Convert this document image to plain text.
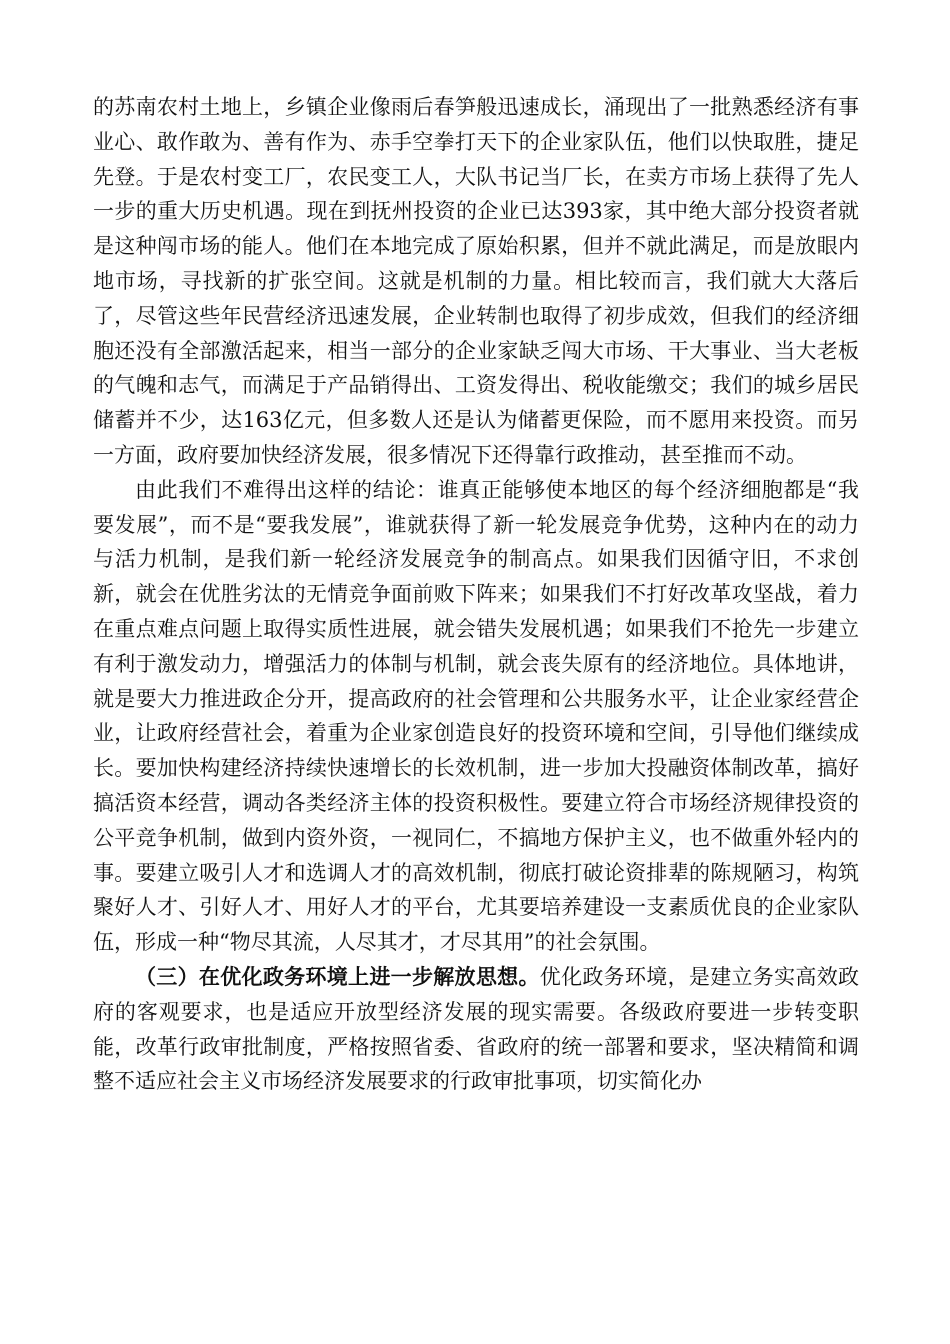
的苏南农村土地上，乡镇企业像雨后春笋般迅速成长，涌现出了一批熟悉经济有事业心、敢作敢为、善有作为、赤手空拳打天下的企业家队伍，他们以快取胜，捷足先登。于是农村变工厂，农民变工人，大队书记当厂长，在卖方市场上获得了先人一步的重大历史机遇。现在到抚州投资的企业已达393家，其中绝大部分投资者就是这种闯市场的能人。他们在本地完成了原始积累，但并不就此满足，而是放眼内地市场，寻找新的扩张空间。这就是机制的力量。相比较而言，我们就大大落后了，尽管这些年民营经济迅速发展，企业转制也取得了初步成效，但我们的经济细胞还没有全部激活起来，相当一部分的企业家缺乏闯大市场、干大事业、当大老板的气魄和志气，而满足于产品销得出、工资发得出、税收能缴交；我们的城乡居民储蓄并不少，达163亿元，但多数人还是认为储蓄更保险，而不愿用来投资。而另一方面，政府要加快经济发展，很多情况下还得靠行政推动，甚至推而不动。

由此我们不难得出这样的结论：谁真正能够使本地区的每个经济细胞都是“我要发展”，而不是“要我发展”，谁就获得了新一轮发展竞争优势，这种内在的动力与活力机制，是我们新一轮经济发展竞争的制高点。如果我们因循守旧，不求创新，就会在优胜劣汰的无情竞争面前败下阵来；如果我们不打好改革攻坚战，着力在重点难点问题上取得实质性进展，就会错失发展机遇；如果我们不抢先一步建立有利于激发动力，增强活力的体制与机制，就会丧失原有的经济地位。具体地讲，就是要大力推进政企分开，提高政府的社会管理和公共服务水平，让企业家经营企业，让政府经营社会，着重为企业家创造良好的投资环境和空间，引导他们继续成长。要加快构建经济持续快速增长的长效机制，进一步加大投融资体制改革，搞好搞活资本经营，调动各类经济主体的投资积极性。要建立符合市场经济规律投资的公平竞争机制，做到内资外资，一视同仁，不搞地方保护主义，也不做重外轻内的事。要建立吸引人才和选调人才的高效机制，彻底打破论资排辈的陈规陋习，构筑聚好人才、引好人才、用好人才的平台，尤其要培养建设一支素质优良的企业家队伍，形成一种“物尽其流，人尽其才，才尽其用”的社会氛围。

（三）在优化政务环境上进一步解放思想。优化政务环境，是建立务实高效政府的客观要求，也是适应开放型经济发展的现实需要。各级政府要进一步转变职能，改革行政审批制度，严格按照省委、省政府的统一部署和要求，坚决精简和调整不适应社会主义市场经济发展要求的行政审批事项，切实简化办
